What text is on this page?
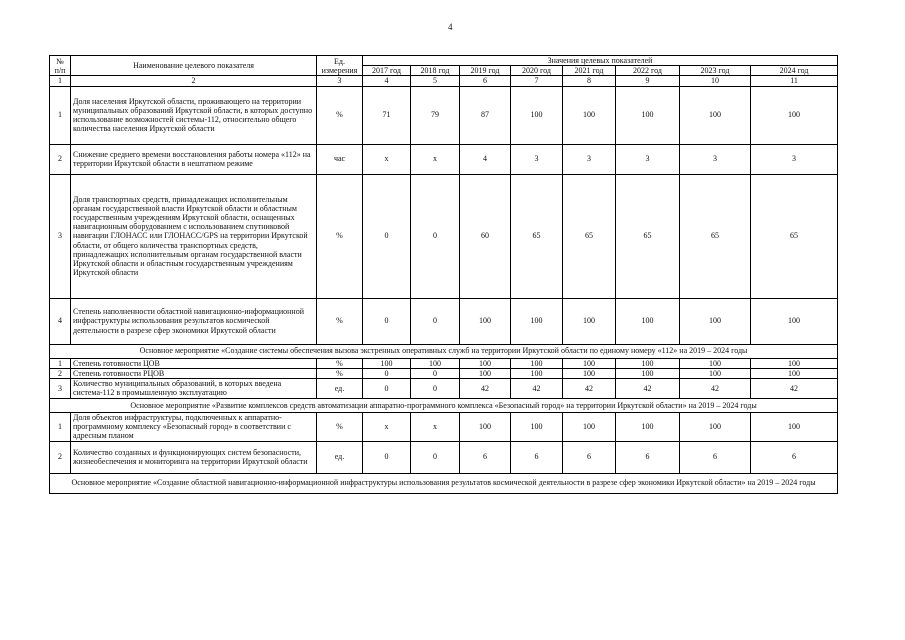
4
№ п/п	Наименование целевого показателя	Ед. измерения	Значения целевых показателей							
			2017 год	2018 год	2019 год	2020 год	2021 год	2022 год	2023 год	2024 год
1	2	3	4	5	6	7	8	9	10	11
1	Доля населения Иркутской области, проживающего на территории муниципальных образований Иркутской области, в которых доступно использование возможностей системы-112, относительно общего количества населения Иркутской области	%	71	79	87	100	100	100	100	100
2	Снижение среднего времени восстановления работы номера «112» на территории Иркутской области в нештатном режиме	час	х	х	4	3	3	3	3	3
3	Доля транспортных средств, принадлежащих исполнительным органам государственной власти Иркутской области и областным государственным учреждениям Иркутской области, оснащенных навигационным оборудованием с использованием спутниковой навигации ГЛОНАСС или ГЛОНАСС/GPS на территории Иркутской области, от общего количества транспортных средств, принадлежащих исполнительным органам государственной власти Иркутской области и областным государственным учреждениям Иркутской области	%	0	0	60	65	65	65	65	65
4	Степень наполненности областной навигационно-информационной инфраструктуры использования результатов космической деятельности в разрезе сфер экономики Иркутской области	%	0	0	100	100	100	100	100	100
Основное мероприятие «Создание системы обеспечения вызова экстренных оперативных служб на территории Иркутской области по единому номеру «112» на 2019 – 2024 годы										
1	Степень готовности ЦОВ	%	100	100	100	100	100	100	100	100
2	Степень готовности РЦОВ	%	0	0	100	100	100	100	100	100
3	Количество муниципальных образований, в которых введена система-112 в промышленную эксплуатацию	ед.	0	0	42	42	42	42	42	42
Основное мероприятие «Развитие комплексов средств автоматизации аппаратно-программного комплекса «Безопасный город» на территории Иркутской области» на 2019 – 2024 годы										
1	Доля объектов инфраструктуры, подключенных к аппаратно-программному комплексу «Безопасный город» в соответствии с адресным планом	%	х	х	100	100	100	100	100	100
2	Количество созданных и функционирующих систем безопасности, жизнеобеспечения и мониторинга на территории Иркутской области	ед.	0	0	6	6	6	6	6	6
Основное мероприятие «Создание областной навигационно-информационной инфраструктуры использования результатов космической деятельности в разрезе сфер экономики Иркутской области» на 2019 – 2024 годы										
